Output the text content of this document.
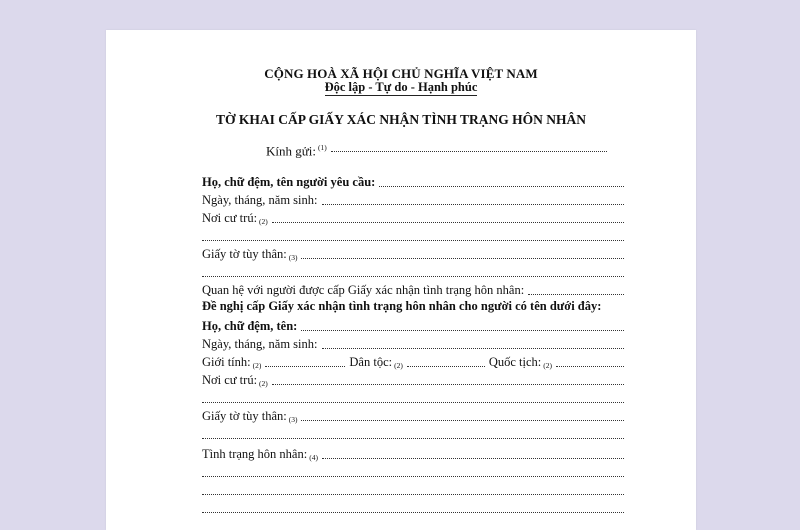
CỘNG HOÀ XÃ HỘI CHỦ NGHĨA VIỆT NAM
Độc lập - Tự do - Hạnh phúc
TỜ KHAI CẤP GIẤY XÁC NHẬN TÌNH TRẠNG HÔN NHÂN
Kính gửi: $^{(1)}$
Họ, chữ đệm, tên người yêu cầu:
Ngày, tháng, năm sinh:
Nơi cư trú: (2)
Giấy tờ tùy thân: (3)
Quan hệ với người được cấp Giấy xác nhận tình trạng hôn nhân:
Đề nghị cấp Giấy xác nhận tình trạng hôn nhân cho người có tên dưới đây:
Họ, chữ đệm, tên:
Ngày, tháng, năm sinh:
Giới tính: (2)	Dân tộc: (2)	Quốc tịch: (2)
Nơi cư trú: (2)
Giấy tờ tùy thân: (3)
Tình trạng hôn nhân: (4)
